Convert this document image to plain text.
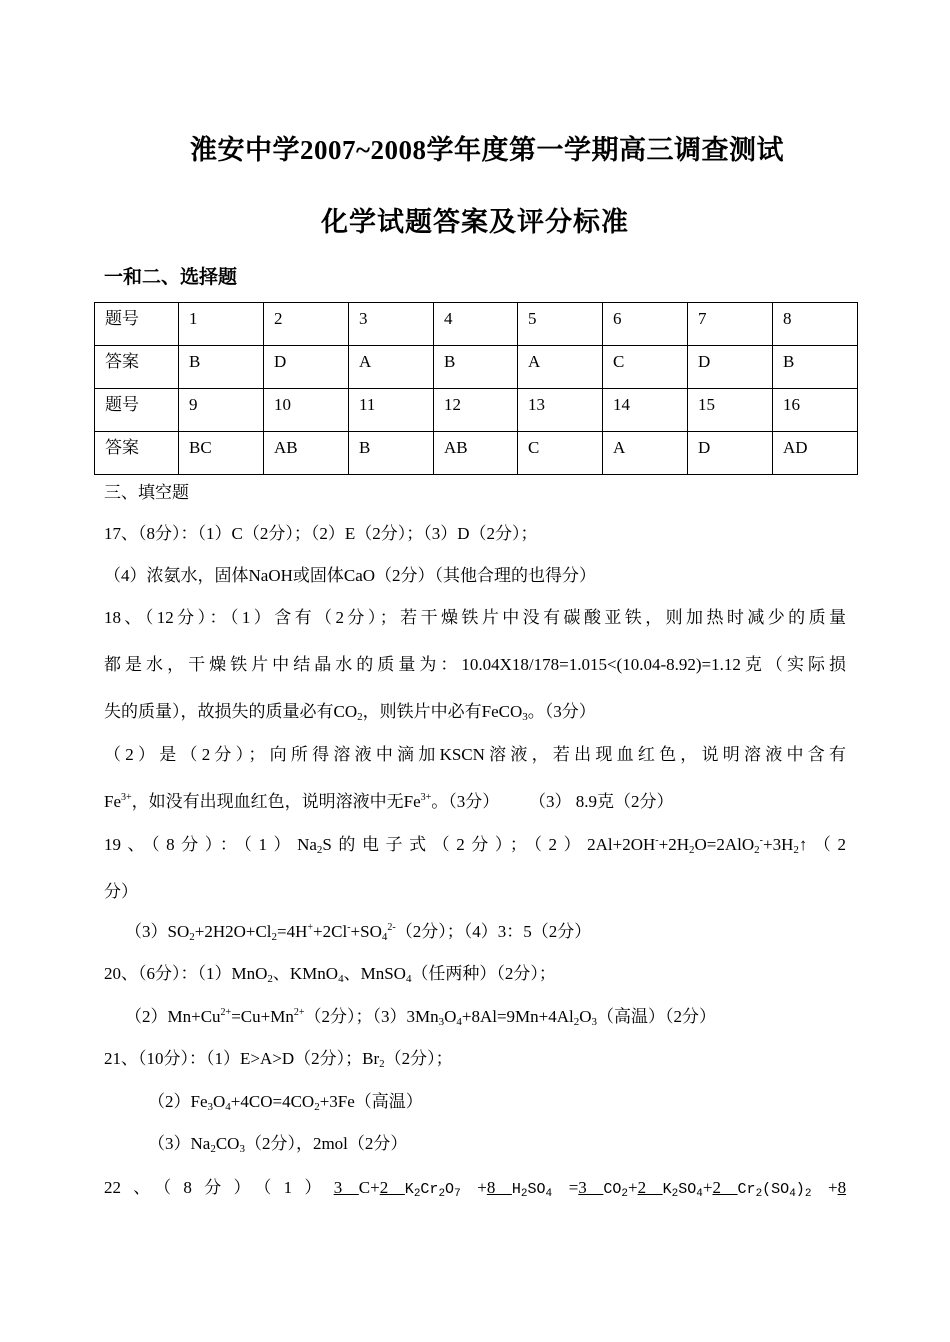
淮安中学2007~2008学年度第一学期高三调查测试
化学试题答案及评分标准
一和二、选择题
题号	1	2	3	4	5	6	7	8
答案	B	D	A	B	A	C	D	B
题号	9	10	11	12	13	14	15	16
答案	BC	AB	B	AB	C	A	D	AD
三、填空题
17、（8分）：（1）C（2分）；（2）E（2分）；（3）D（2分）；
（4）浓氨水，固体NaOH或固体CaO（2分）（其他合理的也得分）
18、（12分）：（1）含有（2分）；若干燥铁片中没有碳酸亚铁，则加热时减少的质量
都是水，干燥铁片中结晶水的质量为：10.04X18/178=1.015<(10.04-8.92)=1.12克（实际损
失的质量），故损失的质量必有$CO_2$，则铁片中必有FeCO$_3$。（3分）
（2）是（2分）；向所得溶液中滴加KSCN溶液，若出现血红色，说明溶液中含有
$Fe^{3+}$，如没有出现血红色，说明溶液中无$Fe^{3+}$。（3分）       （3） 8.9克（2分）
19、（8分）：$(1)Na_2S$的电子式（2分）；$(2)2Al+2OH^-+2H_2O=2AlO_2^-+3H_2↑(2$
分）
$(3)SO_2+2H2O+Cl_2=4H^++2Cl^-+SO_4^{2-}(2$分）；（4）3：5（2分）
20、（6分）：（1）MnO$_2$、KMnO$_4$、MnSO$_4$（任两种）（2分）；
$(2)Mn+Cu^{2+}=Cu+Mn^{2+}(2$分）；$(3)3Mn_3O_4+8Al=9Mn+4Al_2O_3$（高温）（2分）
21、（10分）：（1）E>A>D（2分）；$Br_2(2$分）；
$(2)Fe_3O_4+4CO=4CO_2+3Fe$（高温）
$(3)Na_2CO_3(2$分），2mol（2分）
22、（8分）（1）3 C+2 $K_2Cr_2O_7 +8$ $H_2SO_4 =3$ $CO_2+2$ $K_2SO_4+2$ $Cr_2(SO_4)_2 +8$
